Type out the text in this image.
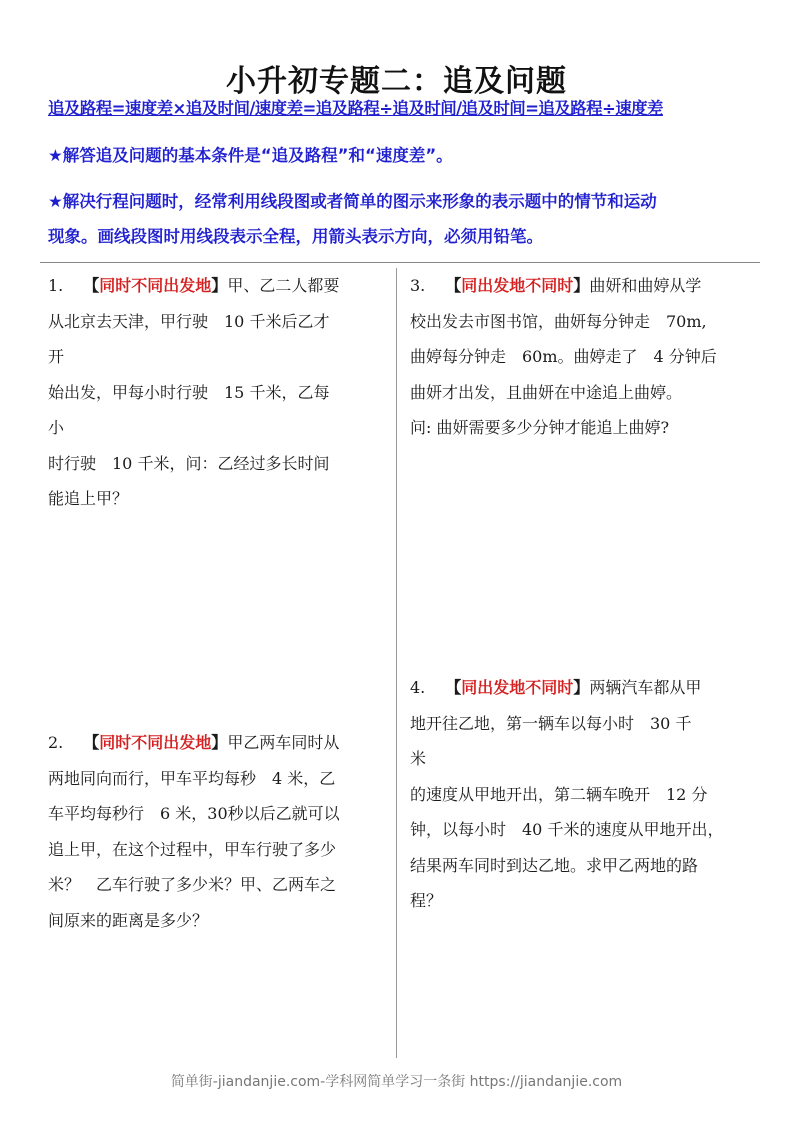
小升初专题二：追及问题
追及路程=速度差×追及时间/速度差=追及路程÷追及时间/追及时间=追及路程÷速度差
★解答追及问题的基本条件是“追及路程”和“速度差”。
★解决行程问题时，经常利用线段图或者简单的图示来形象的表示题中的情节和运动
现象。画线段图时用线段表示全程，用箭头表示方向，必须用铅笔。
1. 【同时不同出发地】甲、乙二人都要
从北京去天津，甲行驶　10 千米后乙才
开
始出发，甲每小时行驶　15 千米，乙每
小
时行驶　10 千米，问：乙经过多长时间
能追上甲？
2. 【同时不同出发地】甲乙两车同时从
两地同向而行，甲车平均每秒　4 米，乙
车平均每秒行　6 米，30秒以后乙就可以
追上甲，在这个过程中，甲车行驶了多少
米？　乙车行驶了多少米？甲、乙两车之
间原来的距离是多少？
3. 【同出发地不同时】曲妍和曲婷从学
校出发去市图书馆，曲妍每分钟走　70m,
曲婷每分钟走　60m。曲婷走了　4 分钟后
曲妍才出发，且曲妍在中途追上曲婷。
问: 曲妍需要多少分钟才能追上曲婷?
4. 【同出发地不同时】两辆汽车都从甲
地开往乙地，第一辆车以每小时　30 千
米
的速度从甲地开出，第二辆车晚开　12 分
钟，以每小时　40 千米的速度从甲地开出，
结果两车同时到达乙地。求甲乙两地的路
程？
简单街-jiandanjie.com-学科网简单学习一条街 https://jiandanjie.com
